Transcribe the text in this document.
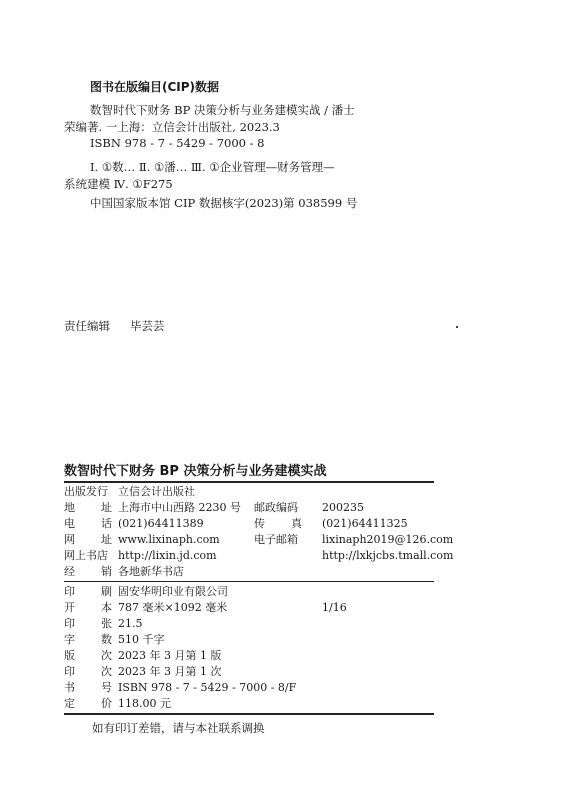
图书在版编目(CIP)数据
数智时代下财务 BP 决策分析与业务建模实战 / 潘士
荣编著. 一上海：立信会计出版社, 2023.3
ISBN 978 - 7 - 5429 - 7000 - 8
Ⅰ. ①数… Ⅱ. ①潘… Ⅲ. ①企业管理—财务管理—
系统建模 Ⅳ. ①F275
中国国家版本馆 CIP 数据核字(2023)第 038599 号
责任编辑 毕芸芸
数智时代下财务 BP 决策分析与业务建模实战
出版发行 立信会计出版社
地 址 上海市中山西路 2230 号 邮政编码	200235
电 话 (021)64411389	传 真 (021)64411325
网 址 www.lixinaph.com	电子邮箱	lixinaph2019@126.com
网上书店 http://lixin.jd.com	http://lxkjcbs.tmall.com
经 销 各地新华书店
印 刷 固安华明印业有限公司
开 本 787 毫米×1092 毫米	1/16
印 张 21.5
字 数 510 千字
版 次 2023 年 3 月第 1 版
印 次 2023 年 3 月第 1 次
书 号 ISBN 978 - 7 - 5429 - 7000 - 8/F
定 价 118.00 元
如有印订差错，请与本社联系调换
